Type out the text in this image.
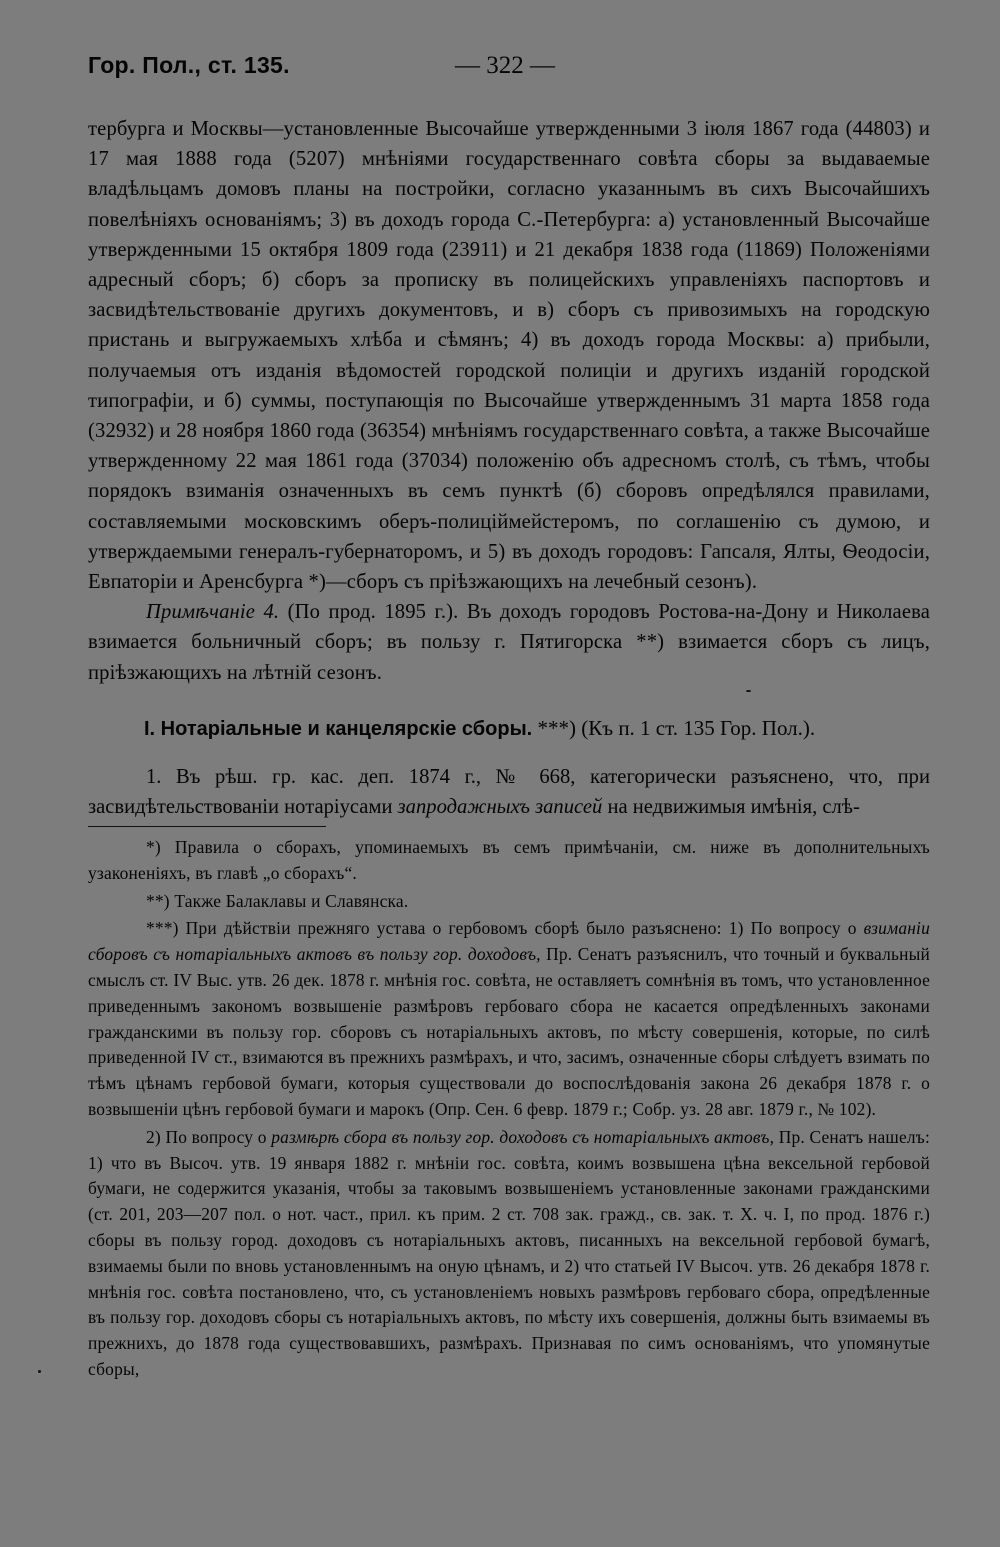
Гор. Пол., ст. 135.	— 322 —

тербурга и Москвы—установленные Высочайше утвержденными 3 іюля 1867 года (44803) и 17 мая 1888 года (5207) мнѣніями государственнаго совѣта сборы за выдаваемые владѣльцамъ домовъ планы на постройки, согласно указаннымъ въ сихъ Высочайшихъ повелѣніяхъ основаніямъ; 3) въ доходъ города С.-Петербурга: а) установленный Высочайше утвержденными 15 октября 1809 года (23911) и 21 декабря 1838 года (11869) Положеніями адресный сборъ; б) сборъ за прописку въ полицейскихъ управленіяхъ паспортовъ и засвидѣтельствованіе другихъ документовъ, и в) сборъ съ привозимыхъ на городскую пристань и выгружаемыхъ хлѣба и сѣмянъ; 4) въ доходъ города Москвы: а) прибыли, получаемыя отъ изданія вѣдомостей городской полиціи и другихъ изданій городской типографіи, и б) суммы, поступающія по Высочайше утвержденнымъ 31 марта 1858 года (32932) и 28 ноября 1860 года (36354) мнѣніямъ государственнаго совѣта, а также Высочайше утвержденному 22 мая 1861 года (37034) положенію объ адресномъ столѣ, съ тѣмъ, чтобы порядокъ взиманія означенныхъ въ семъ пунктѣ (б) сборовъ опредѣлялся правилами, составляемыми московскимъ оберъ-полиціймейстеромъ, по соглашенію съ думою, и утверждаемыми генералъ-губернаторомъ, и 5) въ доходъ городовъ: Гапсаля, Ялты, Ѳеодосіи, Евпаторіи и Аренсбурга *)—сборъ съ пріѣзжающихъ на лечебный сезонъ).

Примѣчаніе 4. (По прод. 1895 г.). Въ доходъ городовъ Ростова-на-Дону и Николаева взимается больничный сборъ; въ пользу г. Пятигорска **) взимается сборъ съ лицъ, пріѣзжающихъ на лѣтній сезонъ.

I. Нотаріальные и канцелярскіе сборы. ***) (Къ п. 1 ст. 135 Гор. Пол.).

1. Въ рѣш. гр. кас. деп. 1874 г., № 668, категорически разъяснено, что, при засвидѣтельствованіи нотаріусами запродажныхъ записей на недвижимыя имѣнія, слѣ-

*) Правила о сборахъ, упоминаемыхъ въ семъ примѣчаніи, см. ниже въ дополнительныхъ узаконеніяхъ, въ главѣ „о сборахъ“.

**) Также Балаклавы и Славянска.

***) При дѣйствіи прежняго устава о гербовомъ сборѣ было разъяснено: 1) По вопросу о взиманіи сборовъ съ нотаріальныхъ актовъ въ пользу гор. доходовъ, Пр. Сенатъ разъяснилъ, что точный и буквальный смыслъ ст. IV Выс. утв. 26 дек. 1878 г. мнѣнія гос. совѣта, не оставляетъ сомнѣнія въ томъ, что установленное приведеннымъ закономъ возвышеніе размѣровъ гербоваго сбора не касается опредѣленныхъ законами гражданскими въ пользу гор. сборовъ съ нотаріальныхъ актовъ, по мѣсту совершенія, которые, по силѣ приведенной IV ст., взимаются въ прежнихъ размѣрахъ, и что, засимъ, означенные сборы слѣдуетъ взимать по тѣмъ цѣнамъ гербовой бумаги, которыя существовали до воспослѣдованія закона 26 декабря 1878 г. о возвышеніи цѣнъ гербовой бумаги и марокъ (Опр. Сен. 6 февр. 1879 г.; Собр. уз. 28 авг. 1879 г., № 102).

2) По вопросу о размѣрѣ сбора въ пользу гор. доходовъ съ нотаріальныхъ актовъ, Пр. Сенатъ нашелъ: 1) что въ Высоч. утв. 19 января 1882 г. мнѣніи гос. совѣта, коимъ возвышена цѣна вексельной гербовой бумаги, не содержится указанія, чтобы за таковымъ возвышеніемъ установленные законами гражданскими (ст. 201, 203—207 пол. о нот. част., прил. къ прим. 2 ст. 708 зак. гражд., св. зак. т. X. ч. I, по прод. 1876 г.) сборы въ пользу город. доходовъ съ нотаріальныхъ актовъ, писанныхъ на вексельной гербовой бумагѣ, взимаемы были по вновь установленнымъ на оную цѣнамъ, и 2) что статьей IV Высоч. утв. 26 декабря 1878 г. мнѣнія гос. совѣта постановлено, что, съ установленіемъ новыхъ размѣровъ гербоваго сбора, опредѣленные въ пользу гор. доходовъ сборы съ нотаріальныхъ актовъ, по мѣсту ихъ совершенія, должны быть взимаемы въ прежнихъ, до 1878 года существовавшихъ, размѣрахъ. Признавая по симъ основаніямъ, что упомянутые сборы,
